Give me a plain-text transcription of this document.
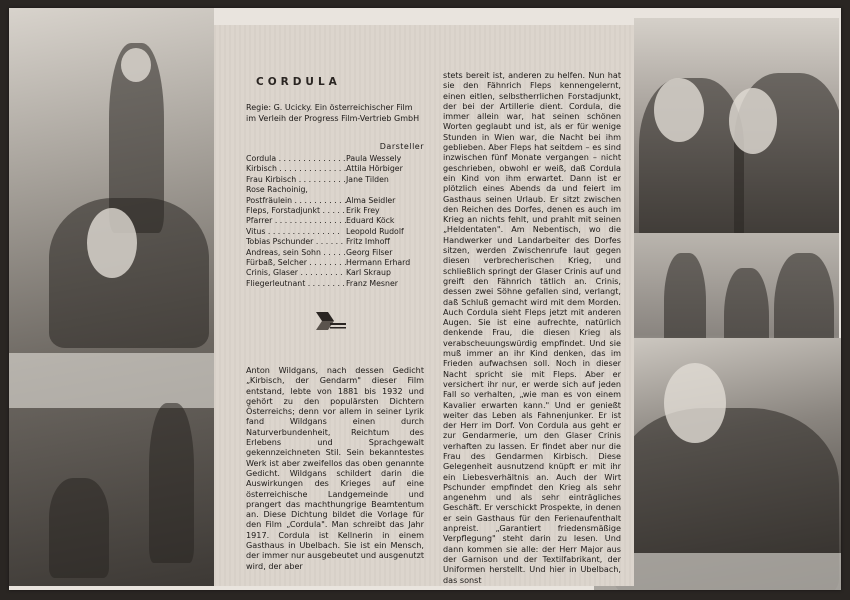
CORDULA
Regie: G. Ucicky. Ein österreichischer Film im Verleih der Progress Film-Vertrieb GmbH
Darsteller
Cordula . . .	Paula Wessely
Kirbisch . . .	Attila Hörbiger
Frau Kirbisch . . .	Jane Tilden
Rose Rachoinig,
Postfräulein . . .	Alma Seidler
Fleps, Forstadjunkt . . .	Erik Frey
Pfarrer . . .	Eduard Köck
Vitus . . .	Leopold Rudolf
Tobias Pschunder . . .	Fritz Imhoff
Andreas, sein Sohn . . .	Georg Filser
Fürbaß, Selcher . . .	Hermann Erhard
Crinis, Glaser . . .	Karl Skraup
Fliegerleutnant . . .	Franz Mesner

Anton Wildgans, nach dessen Gedicht „Kirbisch, der Gendarm" dieser Film entstand, lebte von 1881 bis 1932 und gehört zu den populärsten Dichtern Österreichs; denn vor allem in seiner Lyrik fand Wildgans einen durch Naturverbundenheit, Reichtum des Erlebens und Sprachgewalt gekennzeichneten Stil. Sein bekanntestes Werk ist aber zweifellos das oben genannte Gedicht. Wildgans schildert darin die Auswirkungen des Krieges auf eine österreichische Landgemeinde und prangert das machthungrige Beamtentum an. Diese Dichtung bildet die Vorlage für den Film „Cordula". Man schreibt das Jahr 1917. Cordula ist Kellnerin in einem Gasthaus in Ubelbach. Sie ist ein Mensch, der immer nur ausgebeutet und ausgenutzt wird, der aber

stets bereit ist, anderen zu helfen. Nun hat sie den Fähnrich Fleps kennengelernt, einen eitlen, selbstherrlichen Forstadjunkt, der bei der Artillerie dient. Cordula, die immer allein war, hat seinen schönen Worten geglaubt und ist, als er für wenige Stunden in Wien war, die Nacht bei ihm geblieben. Aber Fleps hat seitdem – es sind inzwischen fünf Monate vergangen – nicht geschrieben, obwohl er weiß, daß Cordula ein Kind von ihm erwartet. Dann ist er plötzlich eines Abends da und feiert im Gasthaus seinen Urlaub. Er sitzt zwischen den Reichen des Dorfes, denen es auch im Krieg an nichts fehlt, und prahlt mit seinen „Heldentaten". Am Nebentisch, wo die Handwerker und Landarbeiter des Dorfes sitzen, werden Zwischenrufe laut gegen diesen verbrecherischen Krieg, und schließlich springt der Glaser Crinis auf und greift den Fähnrich tätlich an. Crinis, dessen zwei Söhne gefallen sind, verlangt, daß Schluß gemacht wird mit dem Morden. Auch Cordula sieht Fleps jetzt mit anderen Augen. Sie ist eine aufrechte, natürlich denkende Frau, die diesen Krieg als verabscheuungswürdig empfindet. Und sie muß immer an ihr Kind denken, das im Frieden aufwachsen soll. Noch in dieser Nacht spricht sie mit Fleps. Aber er versichert ihr nur, er werde sich auf jeden Fall so verhalten, „wie man es von einem Kavalier erwarten kann." Und er genießt weiter das Leben als Fahnenjunker. Er ist der Herr im Dorf. Von Cordula aus geht er zur Gendarmerie, um den Glaser Crinis verhaften zu lassen. Er findet aber nur die Frau des Gendarmen Kirbisch. Diese Gelegenheit ausnutzend knüpft er mit ihr ein Liebesverhältnis an. Auch der Wirt Pschunder empfindet den Krieg als sehr angenehm und als sehr einträgliches Geschäft. Er verschickt Prospekte, in denen er sein Gasthaus für den Ferienaufenthalt anpreist. „Garantiert friedensmäßige Verpflegung" steht darin zu lesen. Und dann kommen sie alle: der Herr Major aus der Garnison und der Textilfabrikant, der Uniformen herstellt. Und hier in Ubelbach, das sonst
